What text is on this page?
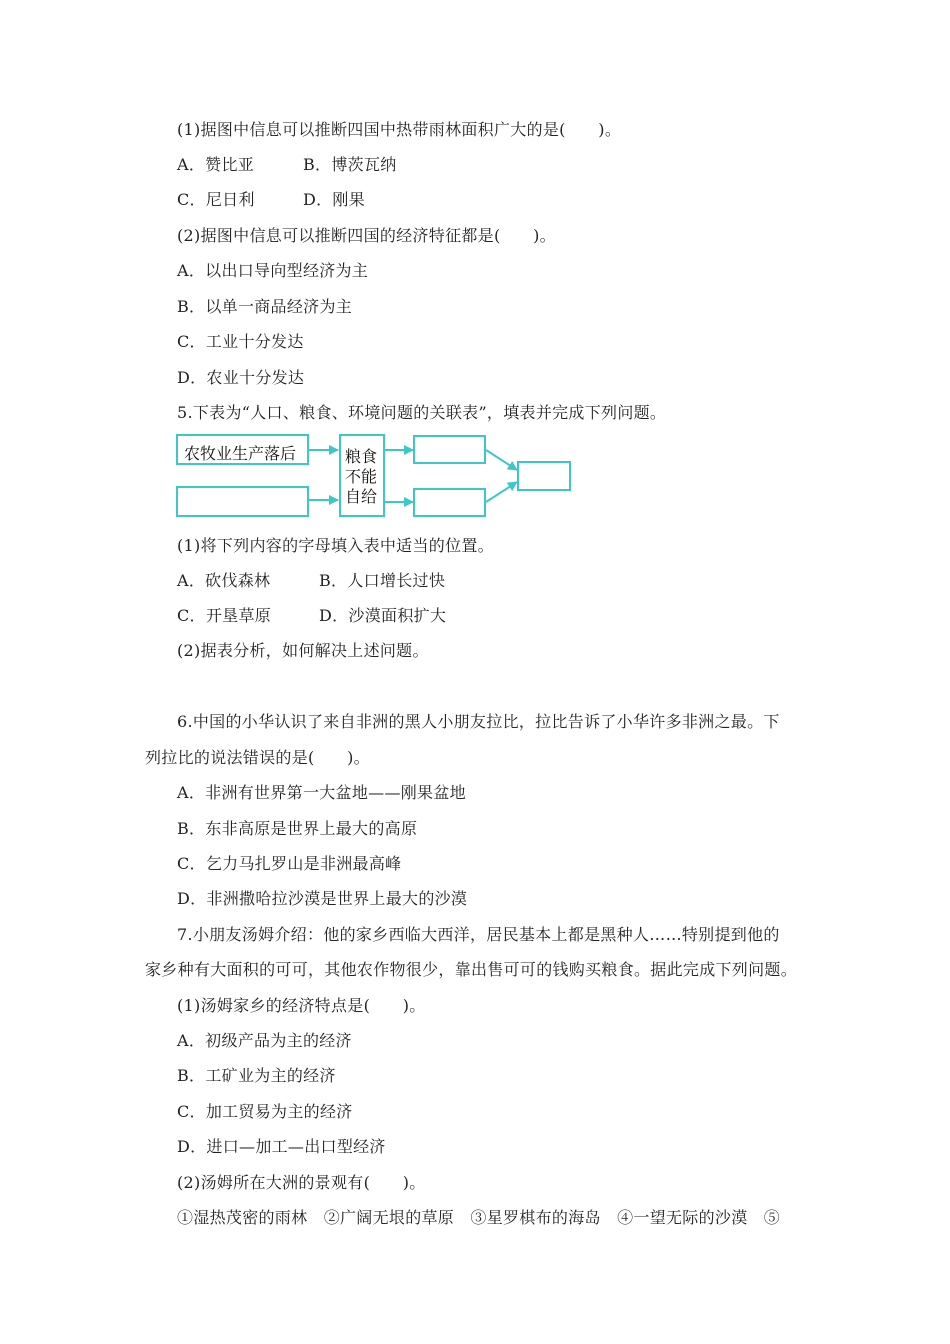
(1)据图中信息可以推断四国中热带雨林面积广大的是(　　)。
A．赞比亚	B．博茨瓦纳
C．尼日利	D．刚果
(2)据图中信息可以推断四国的经济特征都是(　　)。
A．以出口导向型经济为主
B．以单一商品经济为主
C．工业十分发达
D．农业十分发达
5.下表为“人口、粮食、环境问题的关联表”，填表并完成下列问题。
农牧业生产落后	粮食
不能
自给
(1)将下列内容的字母填入表中适当的位置。
A．砍伐森林	B．人口增长过快
C．开垦草原	D．沙漠面积扩大
(2)据表分析，如何解决上述问题。
6.中国的小华认识了来自非洲的黑人小朋友拉比，拉比告诉了小华许多非洲之最。下
列拉比的说法错误的是(　　)。
A．非洲有世界第一大盆地——刚果盆地
B．东非高原是世界上最大的高原
C．乞力马扎罗山是非洲最高峰
D．非洲撒哈拉沙漠是世界上最大的沙漠
7.小朋友汤姆介绍：他的家乡西临大西洋，居民基本上都是黑种人……特别提到他的
家乡种有大面积的可可，其他农作物很少，靠出售可可的钱购买粮食。据此完成下列问题。
(1)汤姆家乡的经济特点是(　　)。
A．初级产品为主的经济
B．工矿业为主的经济
C．加工贸易为主的经济
D．进口—加工—出口型经济
(2)汤姆所在大洲的景观有(　　)。
①湿热茂密的雨林　②广阔无垠的草原　③星罗棋布的海岛　④一望无际的沙漠　⑤
